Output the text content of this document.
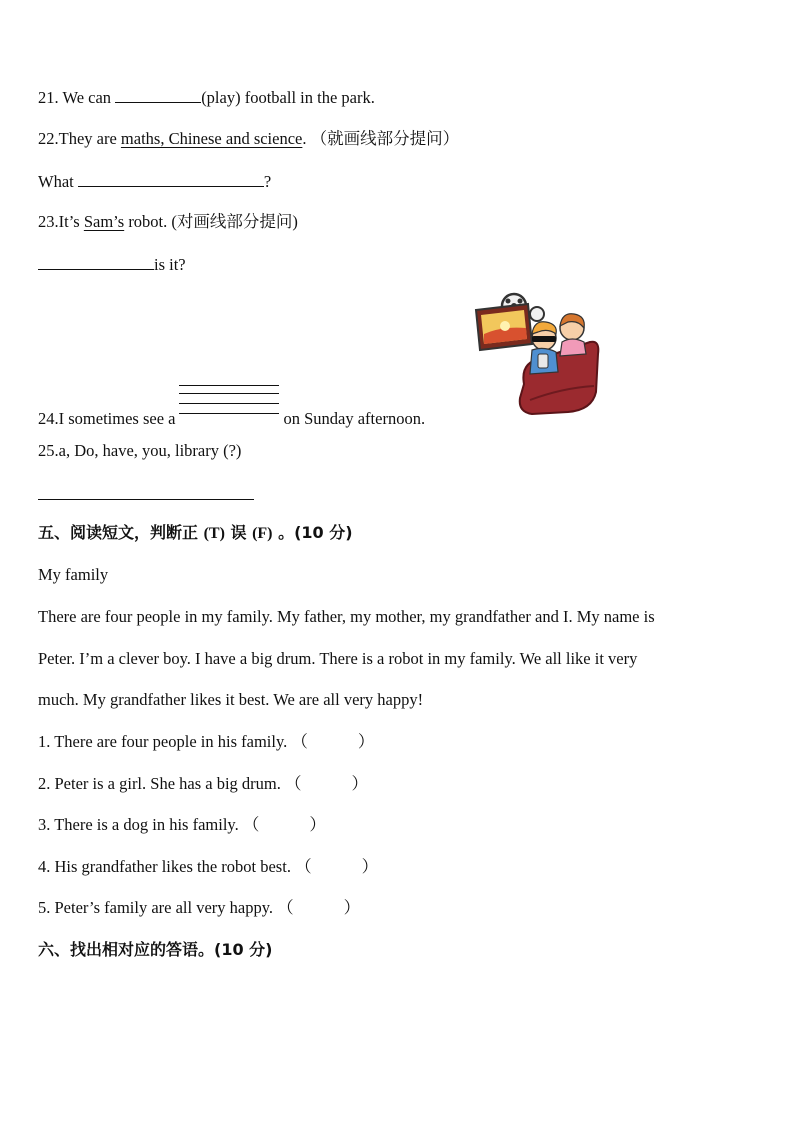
21. We can	(play) football in the park.
22.They are maths, Chinese and science. （就画线部分提问）
What	?
23.It’s Sam’s robot. (对画线部分提问)
is it?
24.I sometimes see a	on Sunday afternoon.
25.a, Do, have, you, library (?)
五、阅读短文，判断正 (T) 误 (F) 。(10 分)
My family
There are four people in my family. My father, my mother, my grandfather and I. My name is
Peter. I’m a clever boy. I have a big drum. There is a robot in my family. We all like it very
much. My grandfather likes it best. We are all very happy!
1. There are four people in his family. （	）
2. Peter is a girl. She has a big drum. （	）
3. There is a dog in his family. （	）
4. His grandfather likes the robot best. （	）
5. Peter’s family are all very happy. （	）
六、找出相对应的答语。(10 分)
